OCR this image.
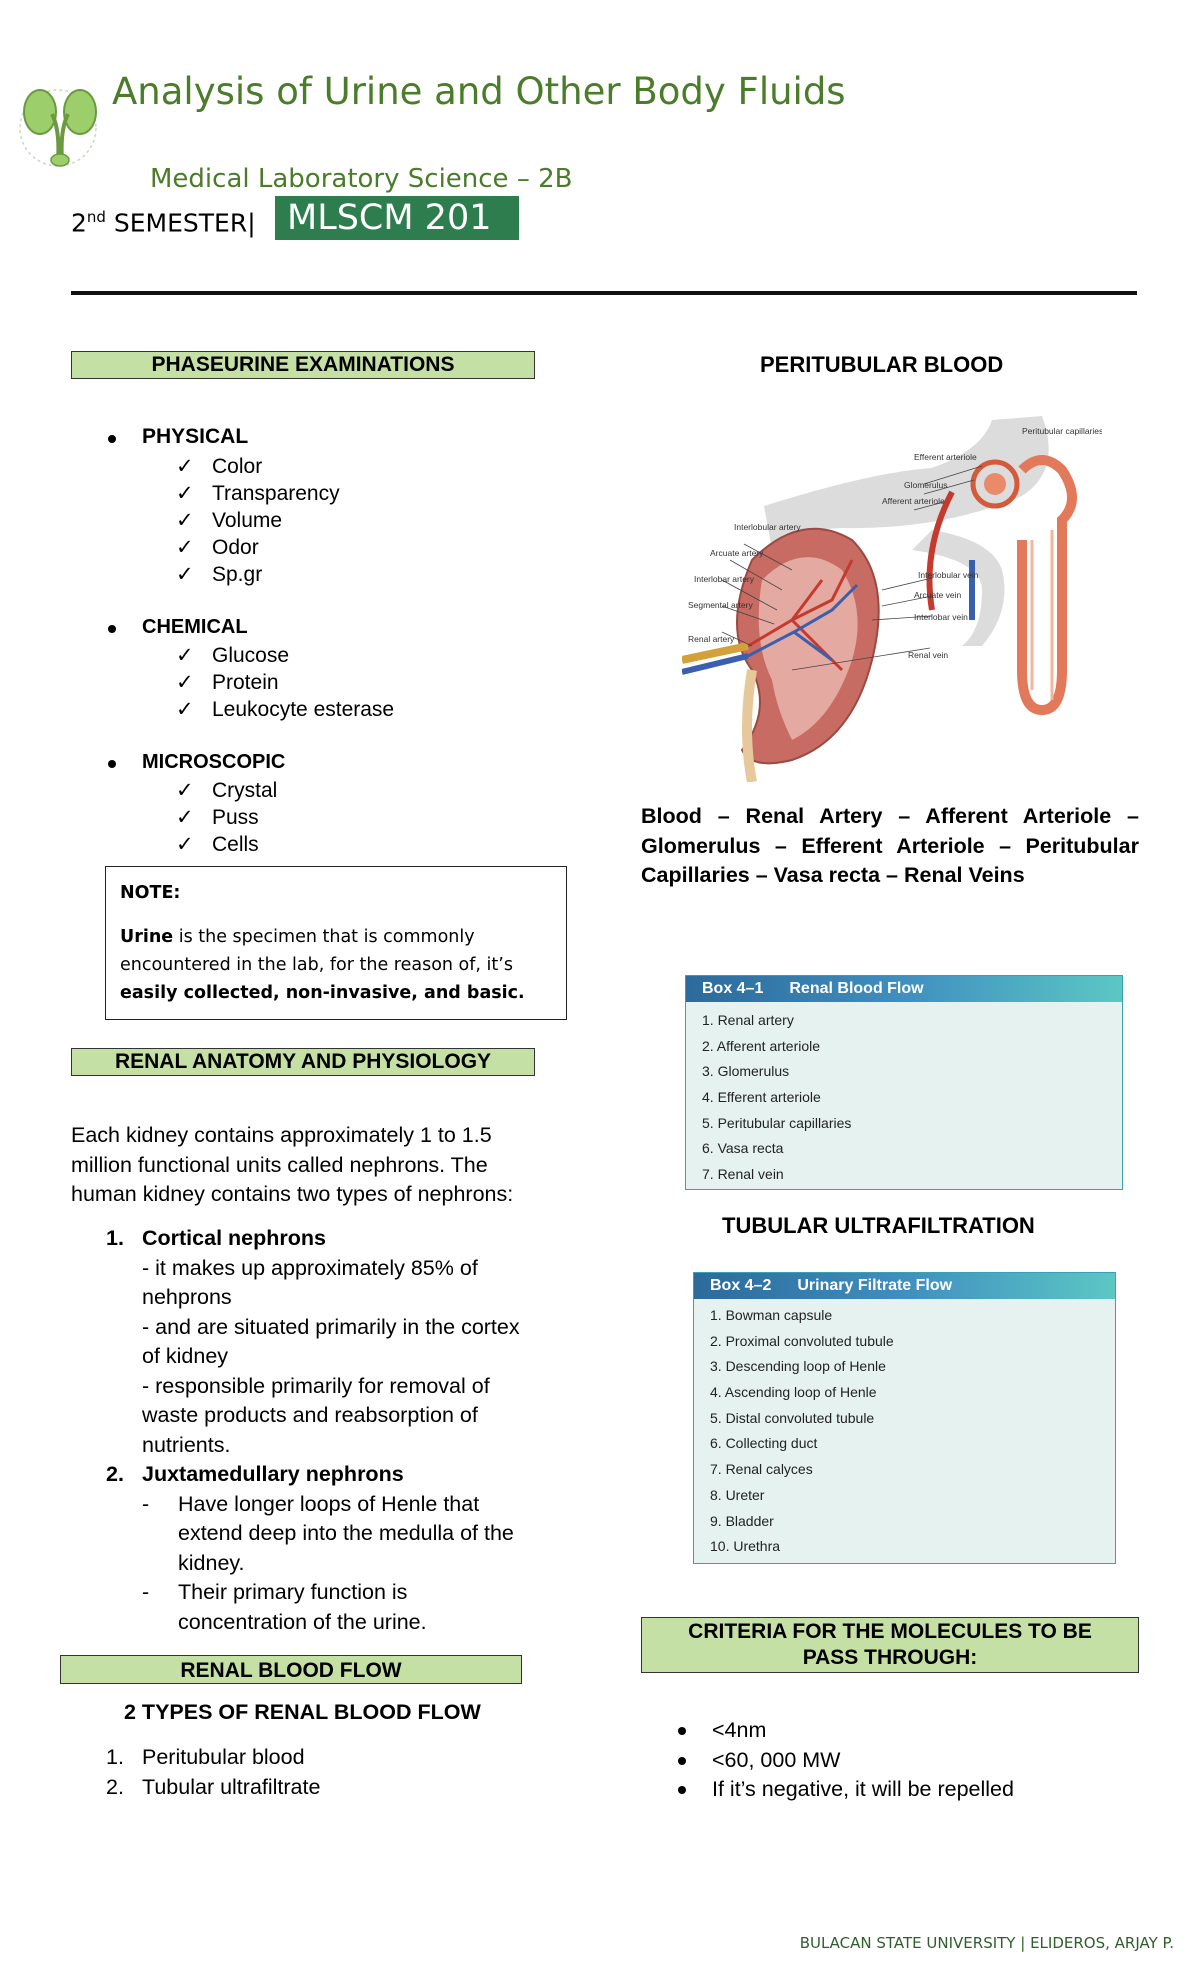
Analysis of Urine and Other Body Fluids
Medical Laboratory Science – 2B
2nd SEMESTER| MLSCM 201
PHASEURINE EXAMINATIONS
PHYSICAL
✓ Color
✓ Transparency
✓ Volume
✓ Odor
✓ Sp.gr
CHEMICAL
✓ Glucose
✓ Protein
✓ Leukocyte esterase
MICROSCOPIC
✓ Crystal
✓ Puss
✓ Cells
NOTE:
Urine is the specimen that is commonly encountered in the lab, for the reason of, it’s easily collected, non-invasive, and basic.
RENAL ANATOMY AND PHYSIOLOGY
Each kidney contains approximately 1 to 1.5
million functional units called nephrons. The
human kidney contains two types of nephrons:
1. Cortical nephrons
- it makes up approximately 85% of
nehprons
- and are situated primarily in the cortex
of kidney
- responsible primarily for removal of
waste products and reabsorption of
nutrients.
2. Juxtamedullary nephrons
- Have longer loops of Henle that
extend deep into the medulla of the
kidney.
- Their primary function is
concentration of the urine.
RENAL BLOOD FLOW
2 TYPES OF RENAL BLOOD FLOW
1. Peritubular blood
2. Tubular ultrafiltrate
PERITUBULAR BLOOD
Peritubular capillaries
Efferent arteriole
Glomerulus
Afferent arteriole
Interlobular artery
Arcuate artery
Interlobar artery
Segmental artery
Renal artery
Interlobular vein
Arcuate vein
Interlobar vein
Renal vein
Blood – Renal Artery – Afferent Arteriole – Glomerulus – Efferent Arteriole – Peritubular Capillaries – Vasa recta – Renal Veins
Box 4–1 Renal Blood Flow
1. Renal artery
2. Afferent arteriole
3. Glomerulus
4. Efferent arteriole
5. Peritubular capillaries
6. Vasa recta
7. Renal vein
TUBULAR ULTRAFILTRATION
Box 4–2 Urinary Filtrate Flow
1. Bowman capsule
2. Proximal convoluted tubule
3. Descending loop of Henle
4. Ascending loop of Henle
5. Distal convoluted tubule
6. Collecting duct
7. Renal calyces
8. Ureter
9. Bladder
10. Urethra
CRITERIA FOR THE MOLECULES TO BE
PASS THROUGH:
<4nm
<60, 000 MW
If it’s negative, it will be repelled
BULACAN STATE UNIVERSITY | ELIDEROS, ARJAY P.
